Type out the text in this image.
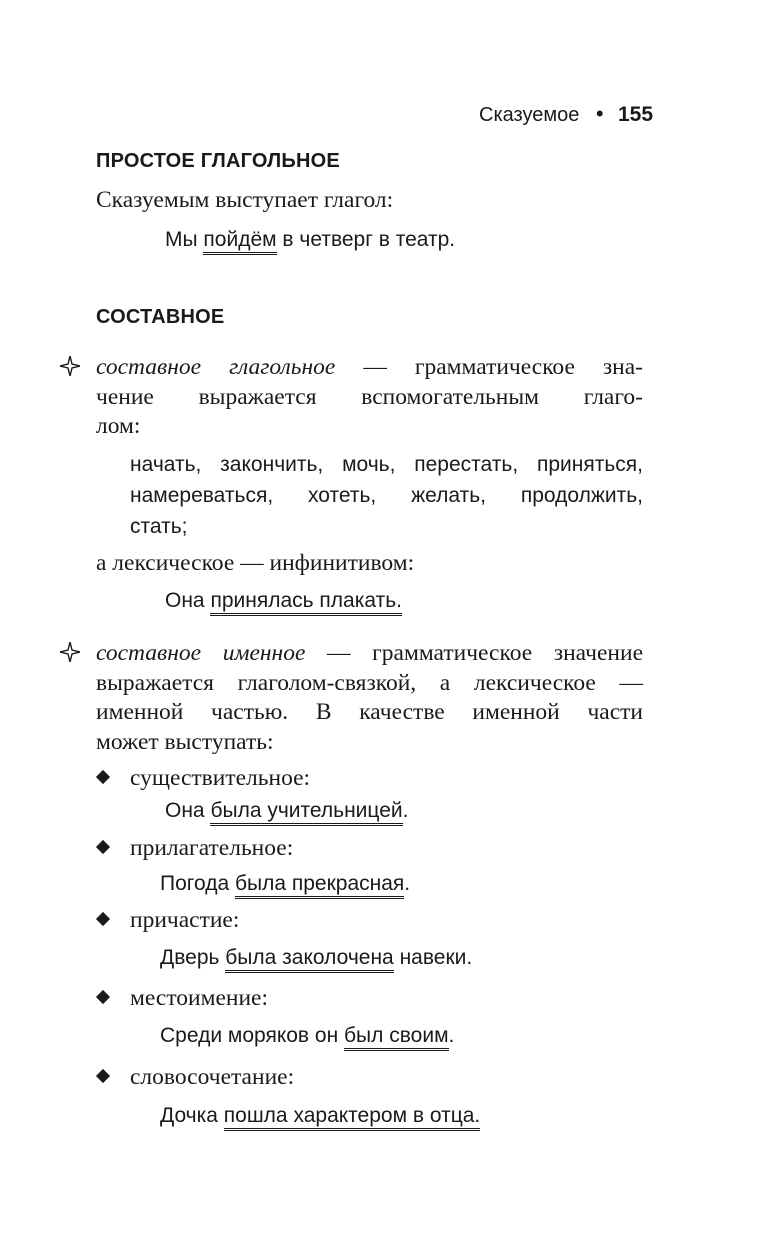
Сказуемое • 155
ПРОСТОЕ ГЛАГОЛЬНОЕ
Сказуемым выступает глагол:
Мы пойдём в четверг в театр.
СОСТАВНОЕ
составное глагольное — грамматическое зна-
чение выражается вспомогательным глаго-
лом:
начать, закончить, мочь, перестать, приняться,
намереваться, хотеть, желать, продолжить,
стать;
а лексическое — инфинитивом:
Она принялась плакать.
составное именное — грамматическое значение
выражается глаголом-связкой, а лексическое —
именной частью. В качестве именной части
может выступать:
существительное:
Она была учительницей.
прилагательное:
Погода была прекрасная.
причастие:
Дверь была заколочена навеки.
местоимение:
Среди моряков он был своим.
словосочетание:
Дочка пошла характером в отца.
